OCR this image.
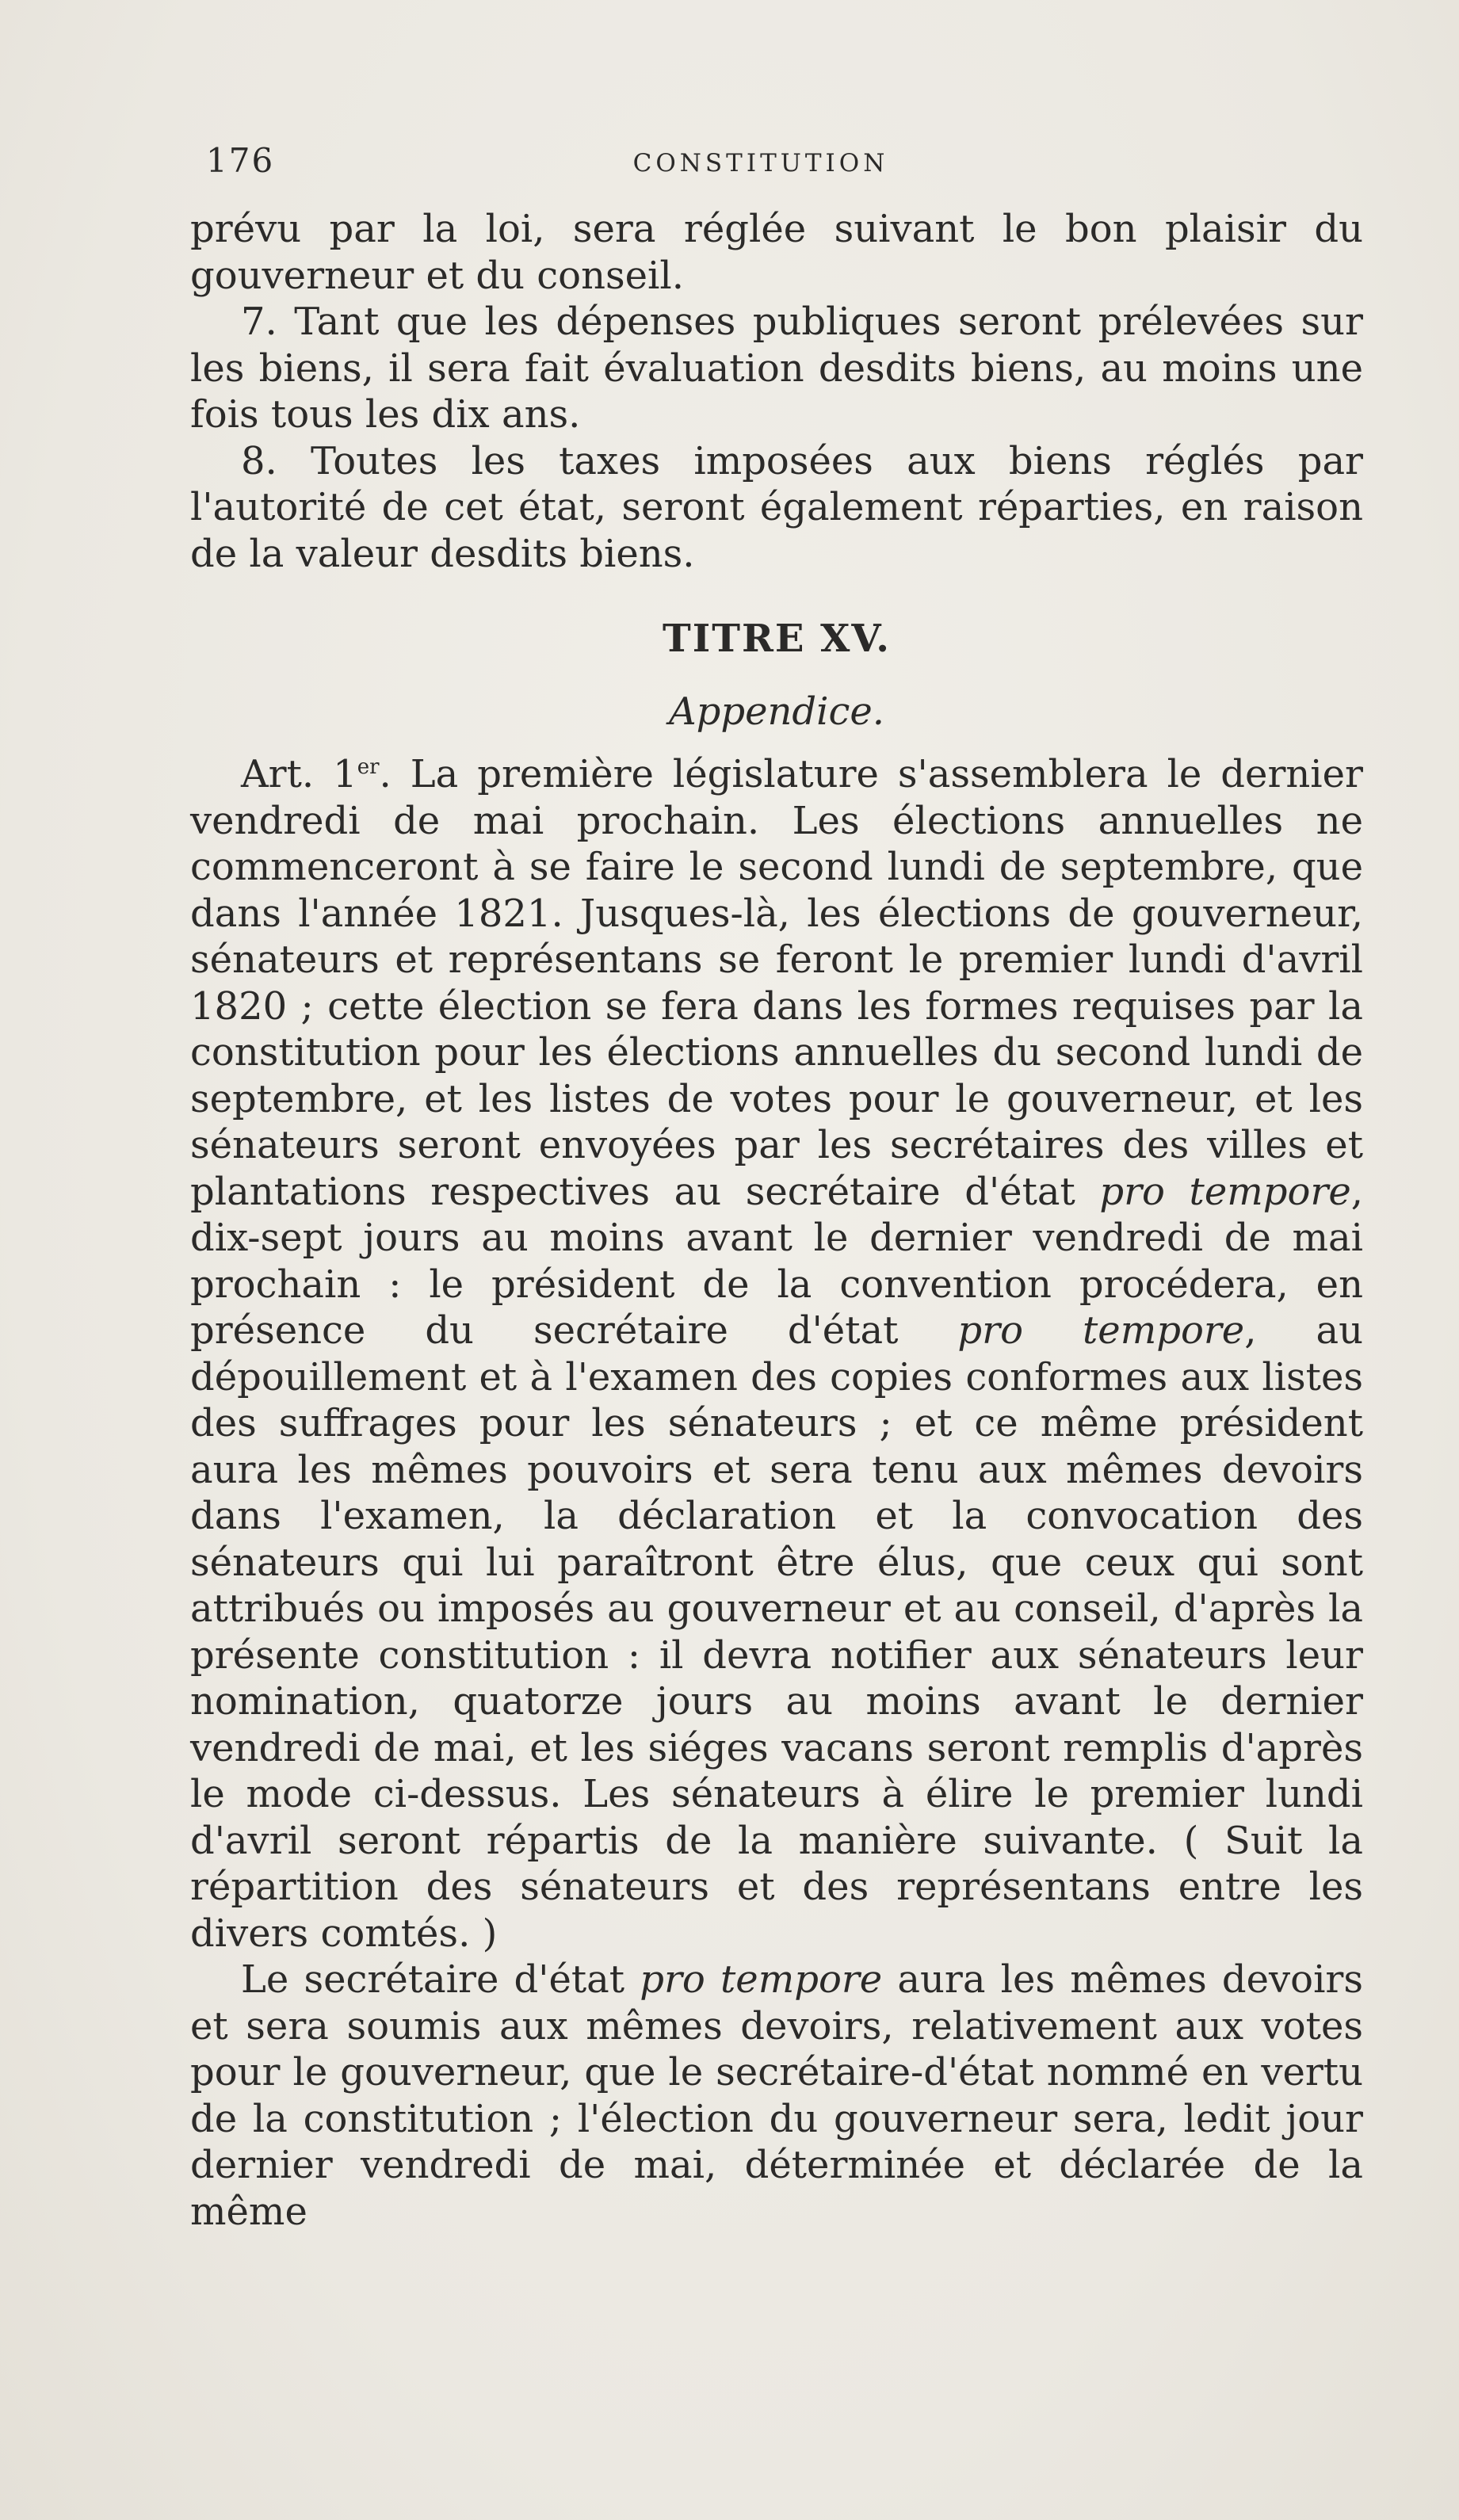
176	CONSTITUTION

prévu par la loi, sera réglée suivant le bon plaisir du gouverneur et du conseil.

7. Tant que les dépenses publiques seront prélevées sur les biens, il sera fait évaluation desdits biens, au moins une fois tous les dix ans.

8. Toutes les taxes imposées aux biens réglés par l'autorité de cet état, seront également réparties, en raison de la valeur desdits biens.

TITRE XV.
Appendice.

Art. 1er. La première législature s'assemblera le dernier vendredi de mai prochain. Les élections annuelles ne commenceront à se faire le second lundi de septembre, que dans l'année 1821. Jusques-là, les élections de gouverneur, sénateurs et représentans se feront le premier lundi d'avril 1820 ; cette élection se fera dans les formes requises par la constitution pour les élections annuelles du second lundi de septembre, et les listes de votes pour le gouverneur, et les sénateurs seront envoyées par les secrétaires des villes et plantations respectives au secrétaire d'état pro tempore, dix-sept jours au moins avant le dernier vendredi de mai prochain : le président de la convention procédera, en présence du secrétaire d'état pro tempore, au dépouillement et à l'examen des copies conformes aux listes des suffrages pour les sénateurs ; et ce même président aura les mêmes pouvoirs et sera tenu aux mêmes devoirs dans l'examen, la déclaration et la convocation des sénateurs qui lui paraîtront être élus, que ceux qui sont attribués ou imposés au gouverneur et au conseil, d'après la présente constitution : il devra notifier aux sénateurs leur nomination, quatorze jours au moins avant le dernier vendredi de mai, et les siéges vacans seront remplis d'après le mode ci-dessus. Les sénateurs à élire le premier lundi d'avril seront répartis de la manière suivante. ( Suit la répartition des sénateurs et des représentans entre les divers comtés. )

Le secrétaire d'état pro tempore aura les mêmes devoirs et sera soumis aux mêmes devoirs, relativement aux votes pour le gouverneur, que le secrétaire-d'état nommé en vertu de la constitution ; l'élection du gouverneur sera, ledit jour dernier vendredi de mai, déterminée et déclarée de la même
